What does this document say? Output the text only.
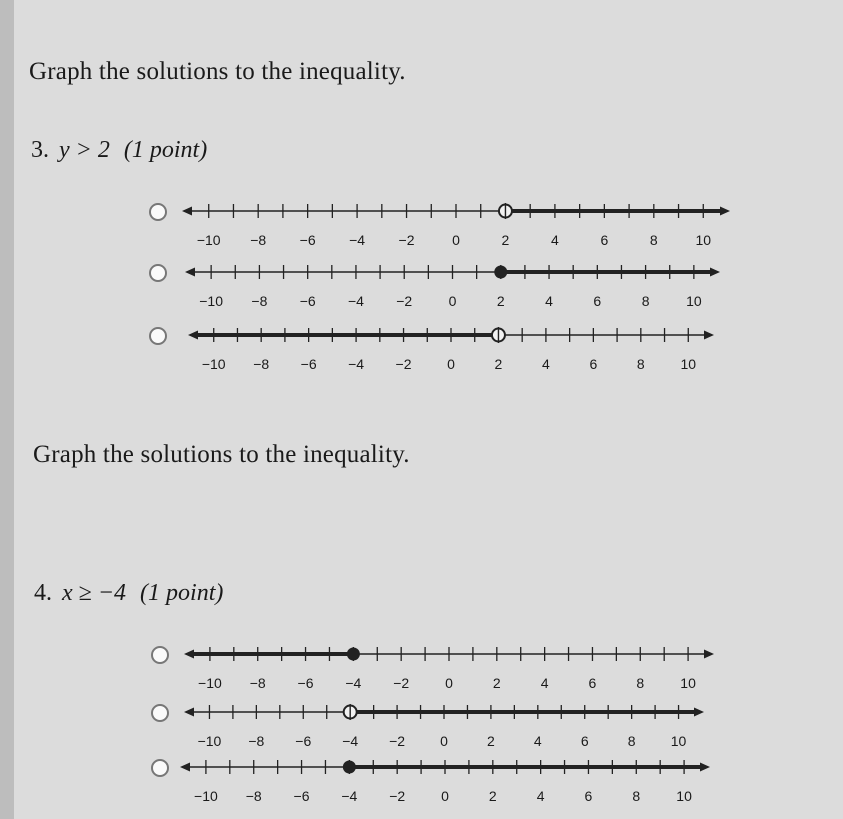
Graph the solutions to the inequality.
3. y > 2 (1 point)
−10 −8 −6 −4 −2	0	2	4	6	8	10
−10 −8 −6 −4 −2	0	2	4	6	8	10
−10 −8 −6 −4 −2	0	2	4	6	8	10
Graph the solutions to the inequality.
4. x ≥ −4 (1 point)
−10 −8 −6 −4 −2	0	2	4	6	8	10
−10 −8 −6 −4 −2	0	2	4	6	8	10
−10 −8 −6 −4 −2	0	2	4	6	8	10
